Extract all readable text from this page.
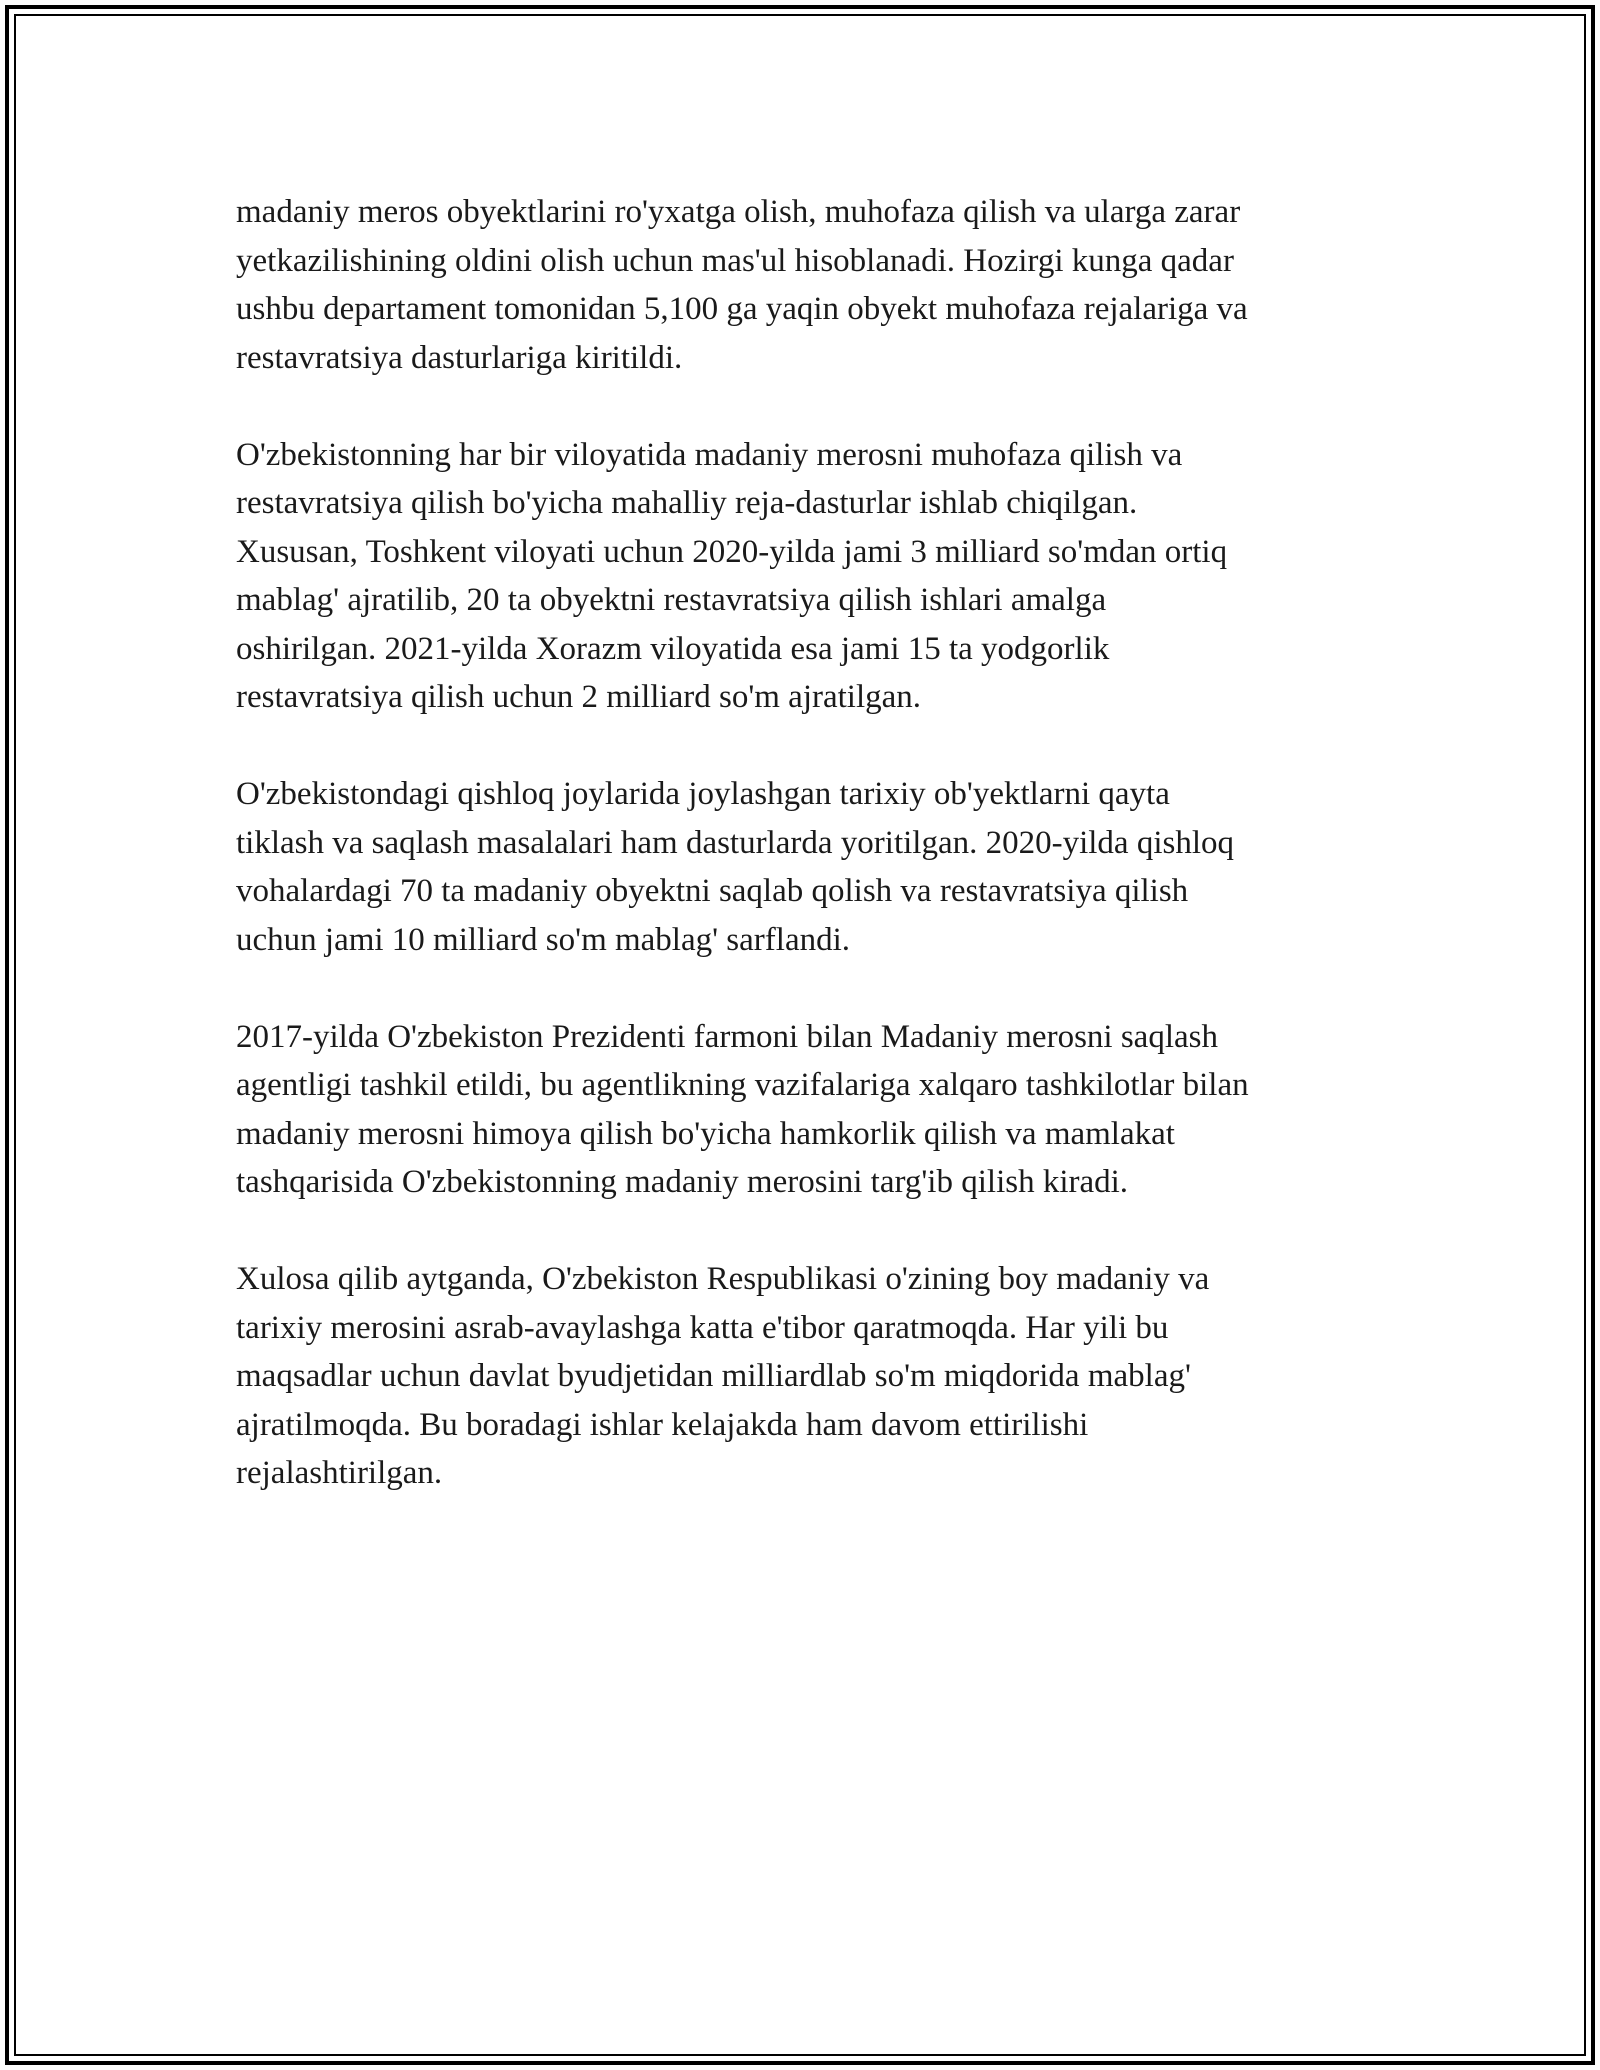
madaniy meros obyektlarini ro'yxatga olish, muhofaza qilish va ularga zarar
yetkazilishining oldini olish uchun mas'ul hisoblanadi. Hozirgi kunga qadar
ushbu departament tomonidan 5,100 ga yaqin obyekt muhofaza rejalariga va
restavratsiya dasturlariga kiritildi.

O'zbekistonning har bir viloyatida madaniy merosni muhofaza qilish va
restavratsiya qilish bo'yicha mahalliy reja-dasturlar ishlab chiqilgan.
Xususan, Toshkent viloyati uchun 2020-yilda jami 3 milliard so'mdan ortiq
mablag' ajratilib, 20 ta obyektni restavratsiya qilish ishlari amalga
oshirilgan. 2021-yilda Xorazm viloyatida esa jami 15 ta yodgorlik
restavratsiya qilish uchun 2 milliard so'm ajratilgan.

O'zbekistondagi qishloq joylarida joylashgan tarixiy ob'yektlarni qayta
tiklash va saqlash masalalari ham dasturlarda yoritilgan. 2020-yilda qishloq
vohalardagi 70 ta madaniy obyektni saqlab qolish va restavratsiya qilish
uchun jami 10 milliard so'm mablag' sarflandi.

2017-yilda O'zbekiston Prezidenti farmoni bilan Madaniy merosni saqlash
agentligi tashkil etildi, bu agentlikning vazifalariga xalqaro tashkilotlar bilan
madaniy merosni himoya qilish bo'yicha hamkorlik qilish va mamlakat
tashqarisida O'zbekistonning madaniy merosini targ'ib qilish kiradi.

Xulosa qilib aytganda, O'zbekiston Respublikasi o'zining boy madaniy va
tarixiy merosini asrab-avaylashga katta e'tibor qaratmoqda. Har yili bu
maqsadlar uchun davlat byudjetidan milliardlab so'm miqdorida mablag'
ajratilmoqda. Bu boradagi ishlar kelajakda ham davom ettirilishi
rejalashtirilgan.
